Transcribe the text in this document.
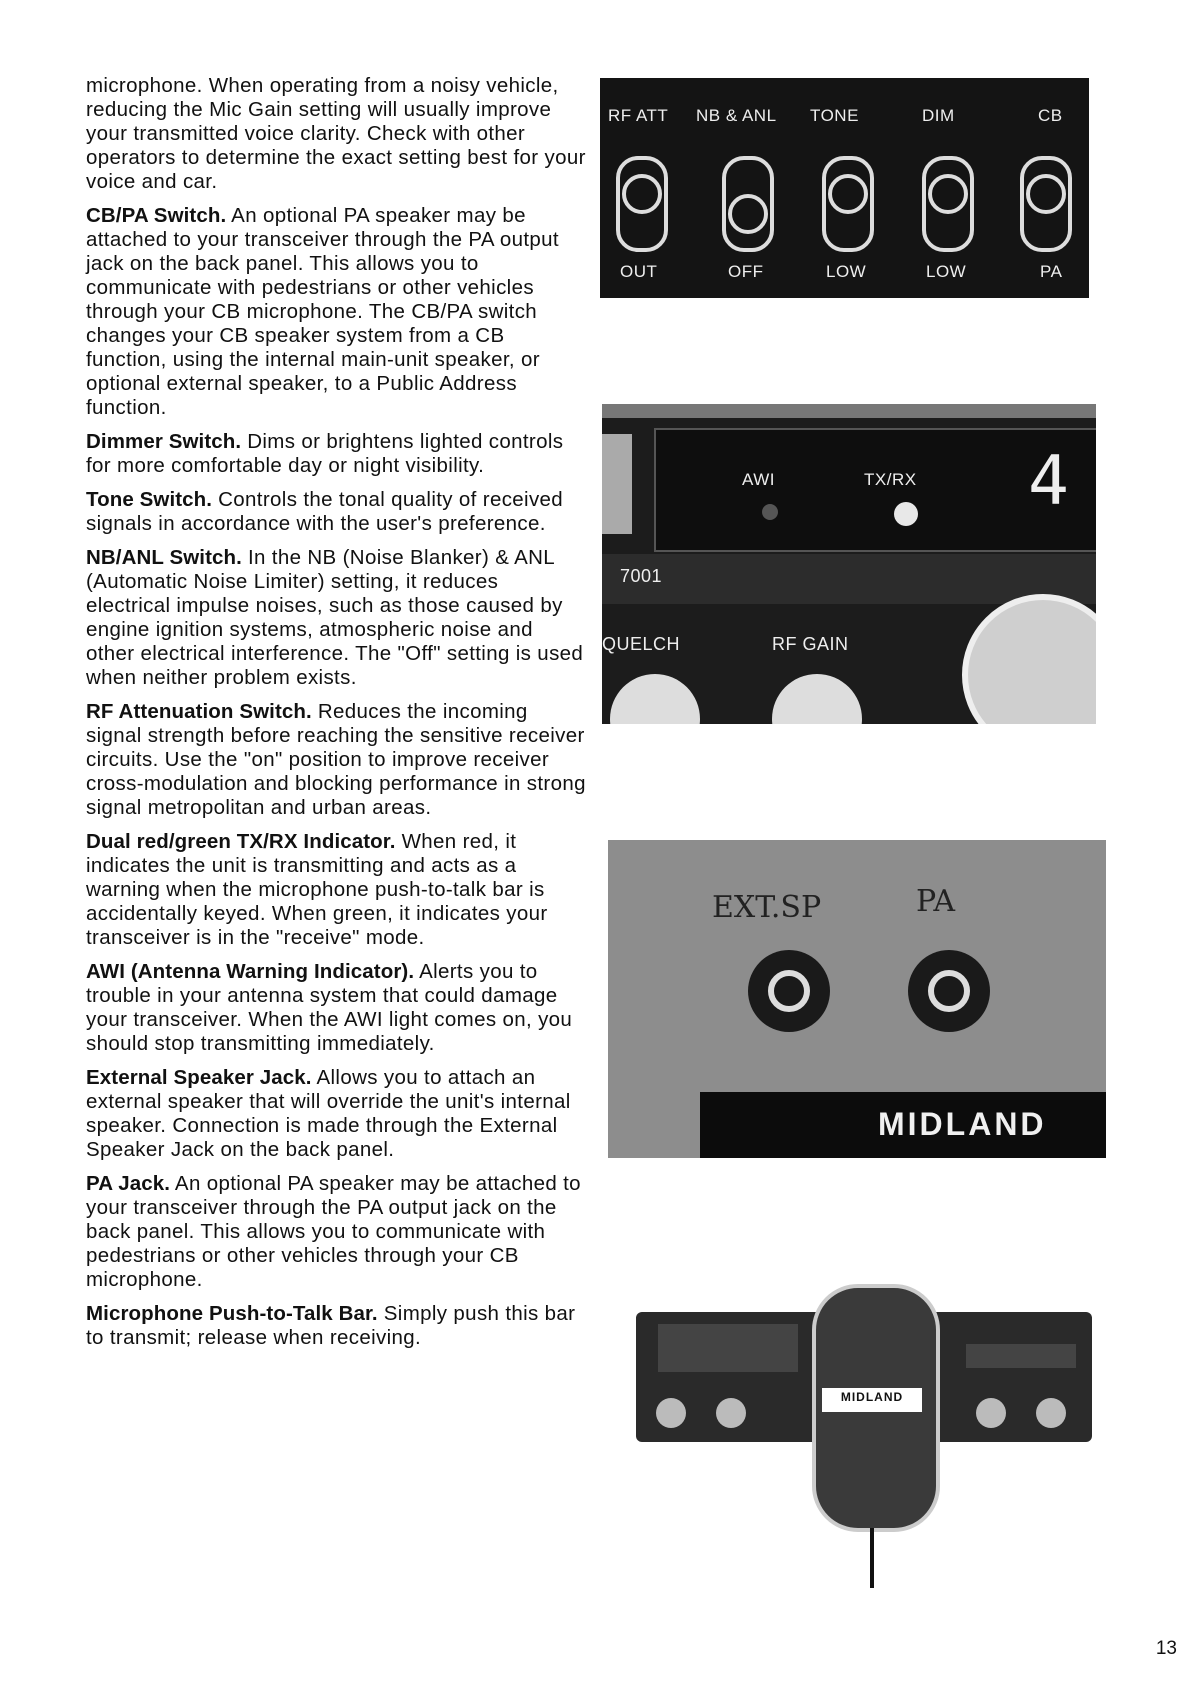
microphone. When operating from a noisy vehicle, reducing the Mic Gain setting will usually improve your transmitted voice clarity. Check with other operators to determine the exact setting best for your voice and car.

CB/PA Switch. An optional PA speaker may be attached to your transceiver through the PA output jack on the back panel. This allows you to communicate with pedestrians or other vehicles through your CB microphone. The CB/PA switch changes your CB speaker system from a CB function, using the internal main-unit speaker, or optional external speaker, to a Public Address function.

Dimmer Switch. Dims or brightens lighted controls for more comfortable day or night visibility.

Tone Switch. Controls the tonal quality of received signals in accordance with the user's preference.

NB/ANL Switch. In the NB (Noise Blanker) & ANL (Automatic Noise Limiter) setting, it reduces electrical impulse noises, such as those caused by engine ignition systems, atmospheric noise and other electrical interference. The "Off" setting is used when neither problem exists.

RF Attenuation Switch. Reduces the incoming signal strength before reaching the sensitive receiver circuits. Use the "on" position to improve receiver cross-modulation and blocking performance in strong signal metropolitan and urban areas.

Dual red/green TX/RX Indicator. When red, it indicates the unit is transmitting and acts as a warning when the microphone push-to-talk bar is accidentally keyed. When green, it indicates your transceiver is in the "receive" mode.

AWI (Antenna Warning Indicator). Alerts you to trouble in your antenna system that could damage your transceiver. When the AWI light comes on, you should stop transmitting immediately.

External Speaker Jack. Allows you to attach an external speaker that will override the unit's internal speaker. Connection is made through the External Speaker Jack on the back panel.

PA Jack. An optional PA speaker may be attached to your transceiver through the PA output jack on the back panel. This allows you to communicate with pedestrians or other vehicles through your CB microphone.

Microphone Push-to-Talk Bar. Simply push this bar to transmit; release when receiving.

RF ATT NB & ANL TONE	DIM	CB
OUT	OFF	LOW	LOW	PA
AWI	TX/RX 4
7001
QUELCH	RF GAIN
EXT.SP	PA
MIDLAND
MIDLAND
13
